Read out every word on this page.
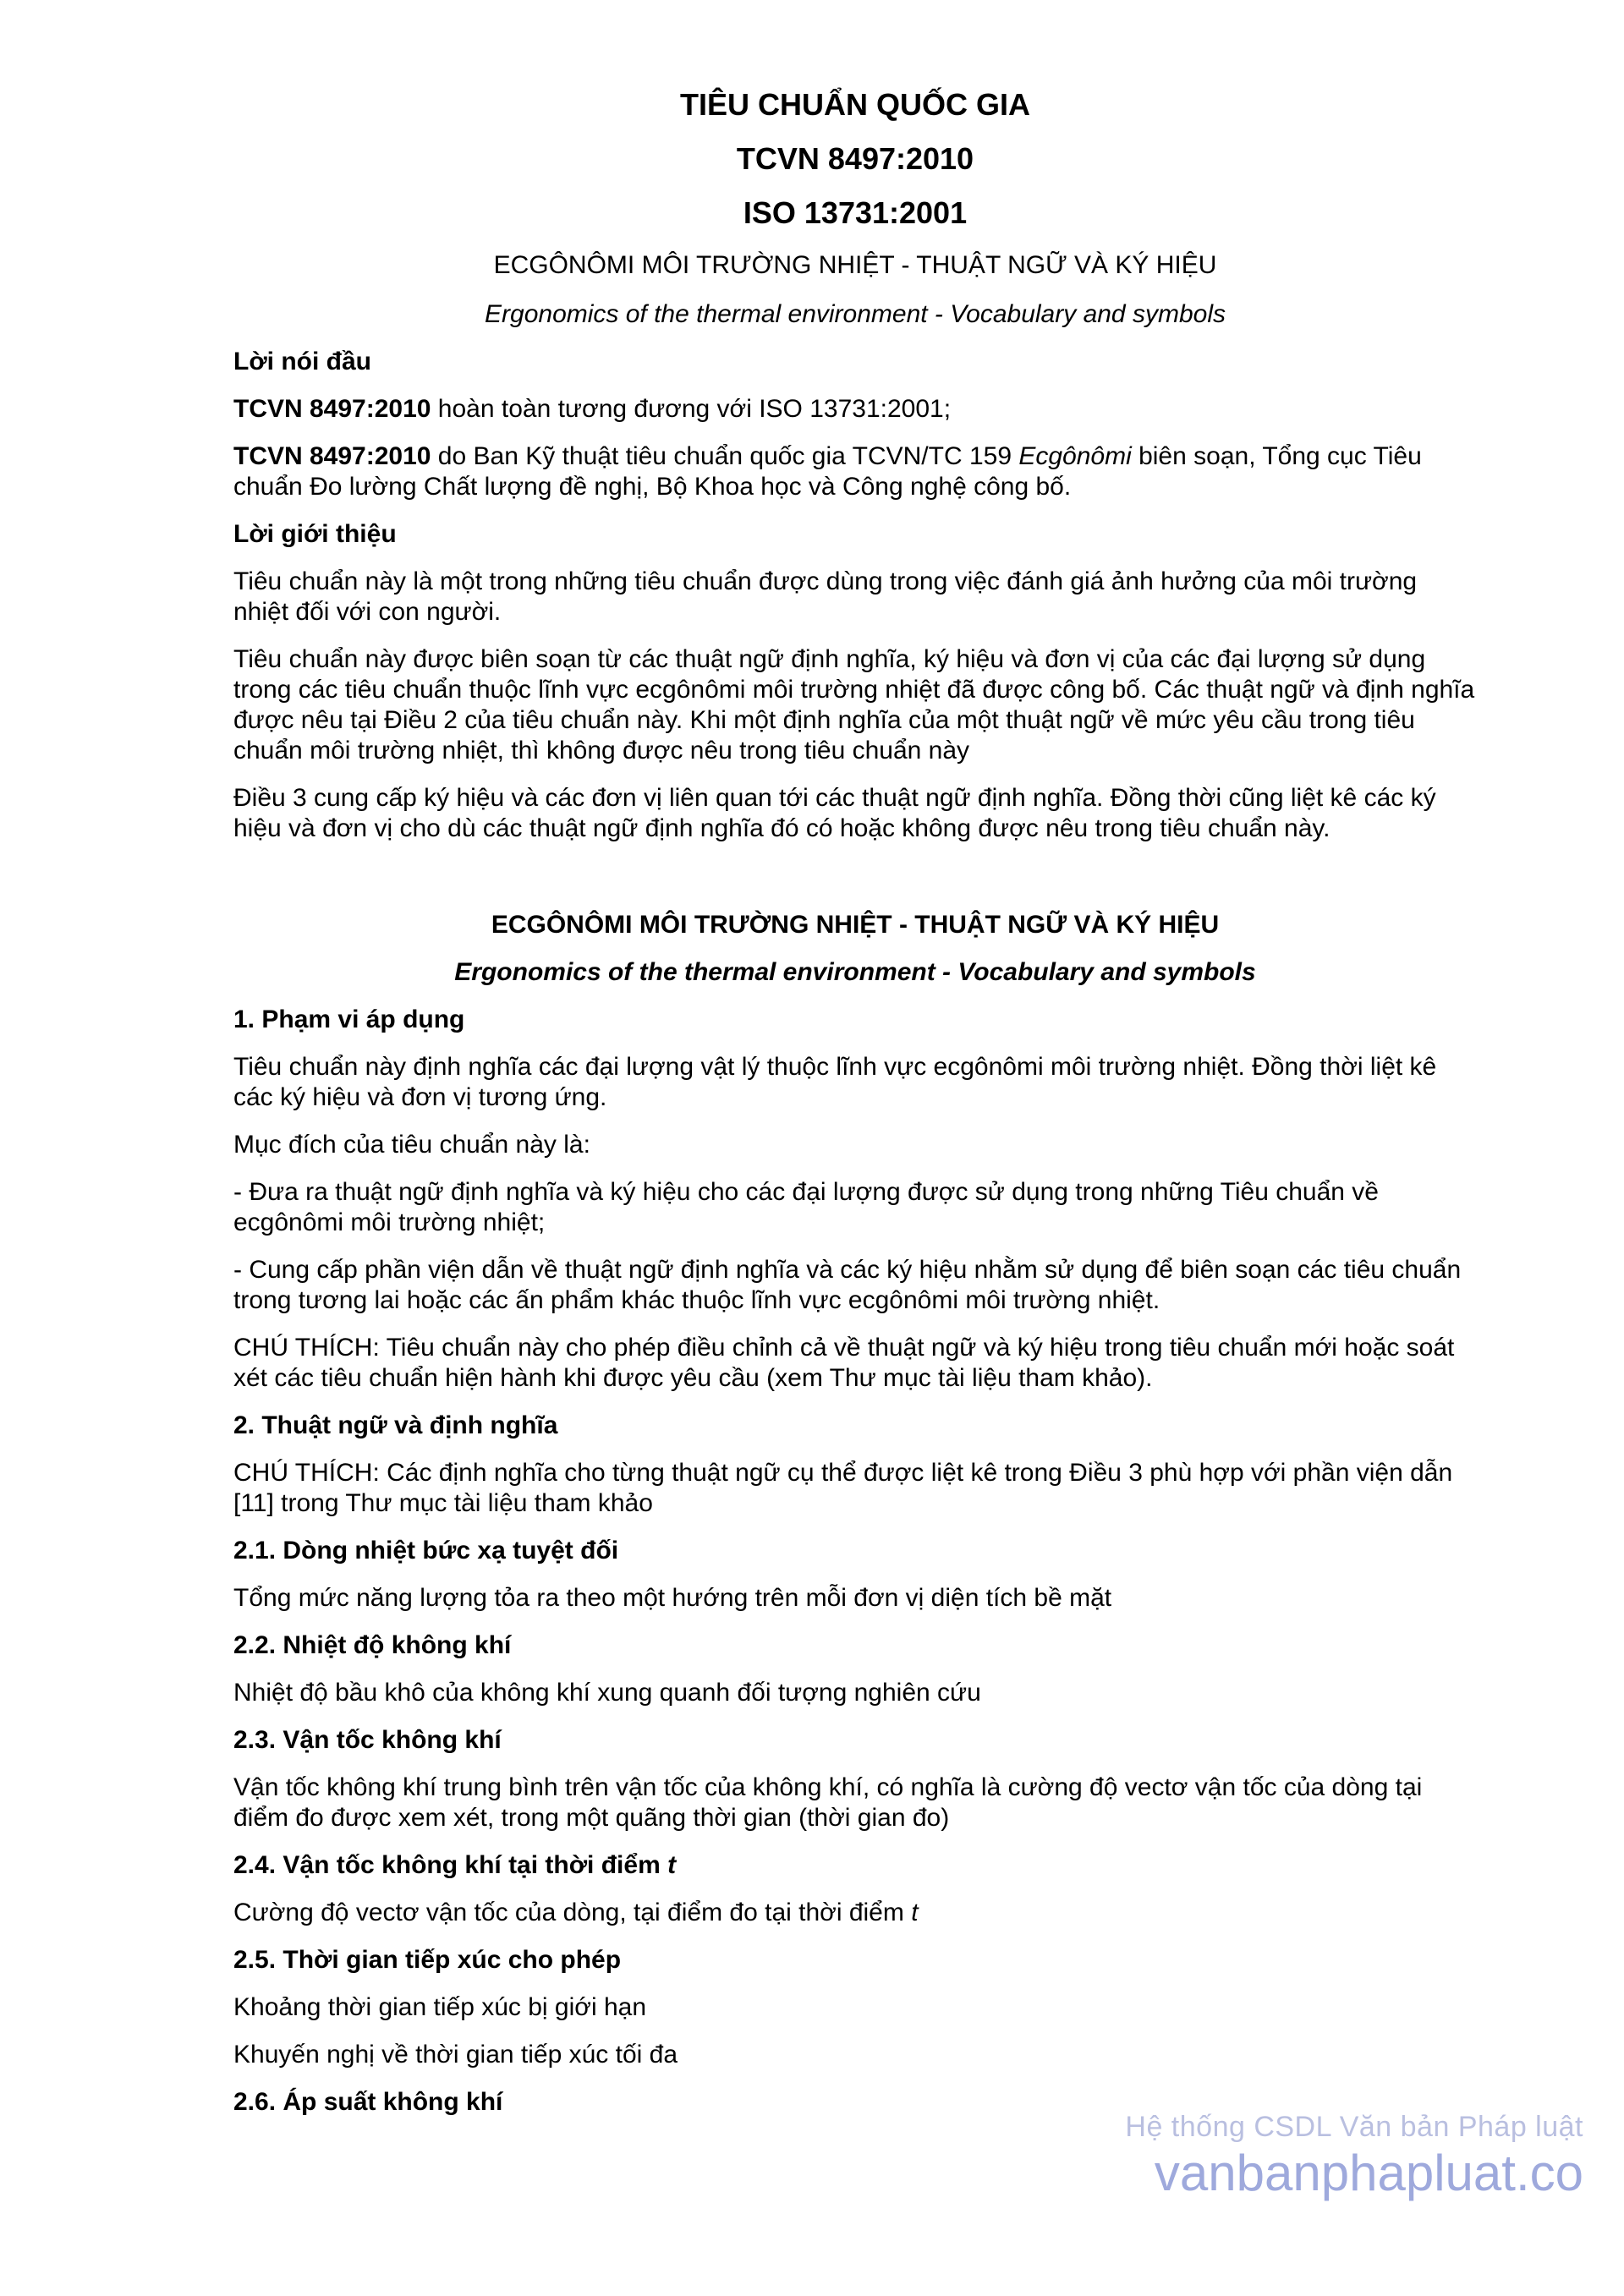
TIÊU CHUẨN QUỐC GIA
TCVN 8497:2010
ISO 13731:2001
ECGÔNÔMI MÔI TRƯỜNG NHIỆT - THUẬT NGỮ VÀ KÝ HIỆU
Ergonomics of the thermal environment - Vocabulary and symbols
Lời nói đầu
TCVN 8497:2010 hoàn toàn tương đương với ISO 13731:2001;
TCVN 8497:2010 do Ban Kỹ thuật tiêu chuẩn quốc gia TCVN/TC 159 Ecgônômi biên soạn, Tổng cục Tiêu chuẩn Đo lường Chất lượng đề nghị, Bộ Khoa học và Công nghệ công bố.
Lời giới thiệu
Tiêu chuẩn này là một trong những tiêu chuẩn được dùng trong việc đánh giá ảnh hưởng của môi trường nhiệt đối với con người.
Tiêu chuẩn này được biên soạn từ các thuật ngữ định nghĩa, ký hiệu và đơn vị của các đại lượng sử dụng trong các tiêu chuẩn thuộc lĩnh vực ecgônômi môi trường nhiệt đã được công bố. Các thuật ngữ và định nghĩa được nêu tại Điều 2 của tiêu chuẩn này. Khi một định nghĩa của một thuật ngữ về mức yêu cầu trong tiêu chuẩn môi trường nhiệt, thì không được nêu trong tiêu chuẩn này
Điều 3 cung cấp ký hiệu và các đơn vị liên quan tới các thuật ngữ định nghĩa. Đồng thời cũng liệt kê các ký hiệu và đơn vị cho dù các thuật ngữ định nghĩa đó có hoặc không được nêu trong tiêu chuẩn này.
ECGÔNÔMI MÔI TRƯỜNG NHIỆT - THUẬT NGỮ VÀ KÝ HIỆU
Ergonomics of the thermal environment - Vocabulary and symbols
1. Phạm vi áp dụng
Tiêu chuẩn này định nghĩa các đại lượng vật lý thuộc lĩnh vực ecgônômi môi trường nhiệt. Đồng thời liệt kê các ký hiệu và đơn vị tương ứng.
Mục đích của tiêu chuẩn này là:
- Đưa ra thuật ngữ định nghĩa và ký hiệu cho các đại lượng được sử dụng trong những Tiêu chuẩn về ecgônômi môi trường nhiệt;
- Cung cấp phần viện dẫn về thuật ngữ định nghĩa và các ký hiệu nhằm sử dụng để biên soạn các tiêu chuẩn trong tương lai hoặc các ấn phẩm khác thuộc lĩnh vực ecgônômi môi trường nhiệt.
CHÚ THÍCH: Tiêu chuẩn này cho phép điều chỉnh cả về thuật ngữ và ký hiệu trong tiêu chuẩn mới hoặc soát xét các tiêu chuẩn hiện hành khi được yêu cầu (xem Thư mục tài liệu tham khảo).
2. Thuật ngữ và định nghĩa
CHÚ THÍCH: Các định nghĩa cho từng thuật ngữ cụ thể được liệt kê trong Điều 3 phù hợp với phần viện dẫn [11] trong Thư mục tài liệu tham khảo
2.1. Dòng nhiệt bức xạ tuyệt đối
Tổng mức năng lượng tỏa ra theo một hướng trên mỗi đơn vị diện tích bề mặt
2.2. Nhiệt độ không khí
Nhiệt độ bầu khô của không khí xung quanh đối tượng nghiên cứu
2.3. Vận tốc không khí
Vận tốc không khí trung bình trên vận tốc của không khí, có nghĩa là cường độ vectơ vận tốc của dòng tại điểm đo được xem xét, trong một quãng thời gian (thời gian đo)
2.4. Vận tốc không khí tại thời điểm t
Cường độ vectơ vận tốc của dòng, tại điểm đo tại thời điểm t
2.5. Thời gian tiếp xúc cho phép
Khoảng thời gian tiếp xúc bị giới hạn
Khuyến nghị về thời gian tiếp xúc tối đa
2.6. Áp suất không khí
Hệ thống CSDL Văn bản Pháp luật
vanbanphapluat.co
